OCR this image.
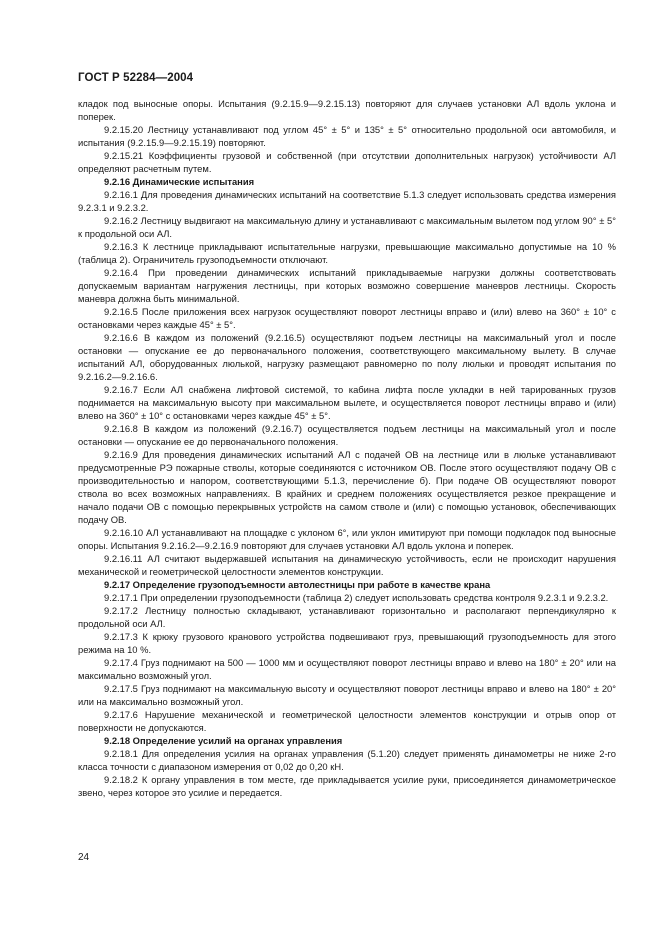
ГОСТ Р 52284—2004

кладок под выносные опоры. Испытания (9.2.15.9—9.2.15.13) повторяют для случаев установки АЛ вдоль уклона и поперек.

9.2.15.20 Лестницу устанавливают под углом 45° ± 5° и 135° ± 5° относительно продольной оси автомобиля, и испытания (9.2.15.9—9.2.15.19) повторяют.

9.2.15.21 Коэффициенты грузовой и собственной (при отсутствии дополнительных нагрузок) устойчивости АЛ определяют расчетным путем.

9.2.16 Динамические испытания

9.2.16.1 Для проведения динамических испытаний на соответствие 5.1.3 следует использовать средства измерения 9.2.3.1 и 9.2.3.2.

9.2.16.2 Лестницу выдвигают на максимальную длину и устанавливают с максимальным вылетом под углом 90° ± 5° к продольной оси АЛ.

9.2.16.3 К лестнице прикладывают испытательные нагрузки, превышающие максимально допустимые на 10 % (таблица 2). Ограничитель грузоподъемности отключают.

9.2.16.4 При проведении динамических испытаний прикладываемые нагрузки должны соответствовать допускаемым вариантам нагружения лестницы, при которых возможно совершение маневров лестницы. Скорость маневра должна быть минимальной.

9.2.16.5 После приложения всех нагрузок осуществляют поворот лестницы вправо и (или) влево на 360° ± 10° с остановками через каждые 45° ± 5°.

9.2.16.6 В каждом из положений (9.2.16.5) осуществляют подъем лестницы на максимальный угол и после остановки — опускание ее до первоначального положения, соответствующего максимальному вылету. В случае испытаний АЛ, оборудованных люлькой, нагрузку размещают равномерно по полу люльки и проводят испытания по 9.2.16.2—9.2.16.6.

9.2.16.7 Если АЛ снабжена лифтовой системой, то кабина лифта после укладки в ней тарированных грузов поднимается на максимальную высоту при максимальном вылете, и осуществляется поворот лестницы вправо и (или) влево на 360° ± 10° с остановками через каждые 45° ± 5°.

9.2.16.8 В каждом из положений (9.2.16.7) осуществляется подъем лестницы на максимальный угол и после остановки — опускание ее до первоначального положения.

9.2.16.9 Для проведения динамических испытаний АЛ с подачей ОВ на лестнице или в люльке устанавливают предусмотренные РЭ пожарные стволы, которые соединяются с источником ОВ. После этого осуществляют подачу ОВ с производительностью и напором, соответствующими 5.1.3, перечисление б). При подаче ОВ осуществляют поворот ствола во всех возможных направлениях. В крайних и среднем положениях осуществляется резкое прекращение и начало подачи ОВ с помощью перекрывных устройств на самом стволе и (или) с помощью установок, обеспечивающих подачу ОВ.

9.2.16.10 АЛ устанавливают на площадке с уклоном 6°, или уклон имитируют при помощи подкладок под выносные опоры. Испытания 9.2.16.2—9.2.16.9 повторяют для случаев установки АЛ вдоль уклона и поперек.

9.2.16.11 АЛ считают выдержавшей испытания на динамическую устойчивость, если не происходит нарушения механической и геометрической целостности элементов конструкции.

9.2.17 Определение грузоподъемности автолестницы при работе в качестве крана

9.2.17.1 При определении грузоподъемности (таблица 2) следует использовать средства контроля 9.2.3.1 и 9.2.3.2.

9.2.17.2 Лестницу полностью складывают, устанавливают горизонтально и располагают перпендикулярно к продольной оси АЛ.

9.2.17.3 К крюку грузового кранового устройства подвешивают груз, превышающий грузоподъемность для этого режима на 10 %.

9.2.17.4 Груз поднимают на 500 — 1000 мм и осуществляют поворот лестницы вправо и влево на 180° ± 20° или на максимально возможный угол.

9.2.17.5 Груз поднимают на максимальную высоту и осуществляют поворот лестницы вправо и влево на 180° ± 20° или на максимально возможный угол.

9.2.17.6 Нарушение механической и геометрической целостности элементов конструкции и отрыв опор от поверхности не допускаются.

9.2.18 Определение усилий на органах управления

9.2.18.1 Для определения усилия на органах управления (5.1.20) следует применять динамометры не ниже 2-го класса точности с диапазоном измерения от 0,02 до 0,20 кН.

9.2.18.2 К органу управления в том месте, где прикладывается усилие руки, присоединяется динамометрическое звено, через которое это усилие и передается.

24
